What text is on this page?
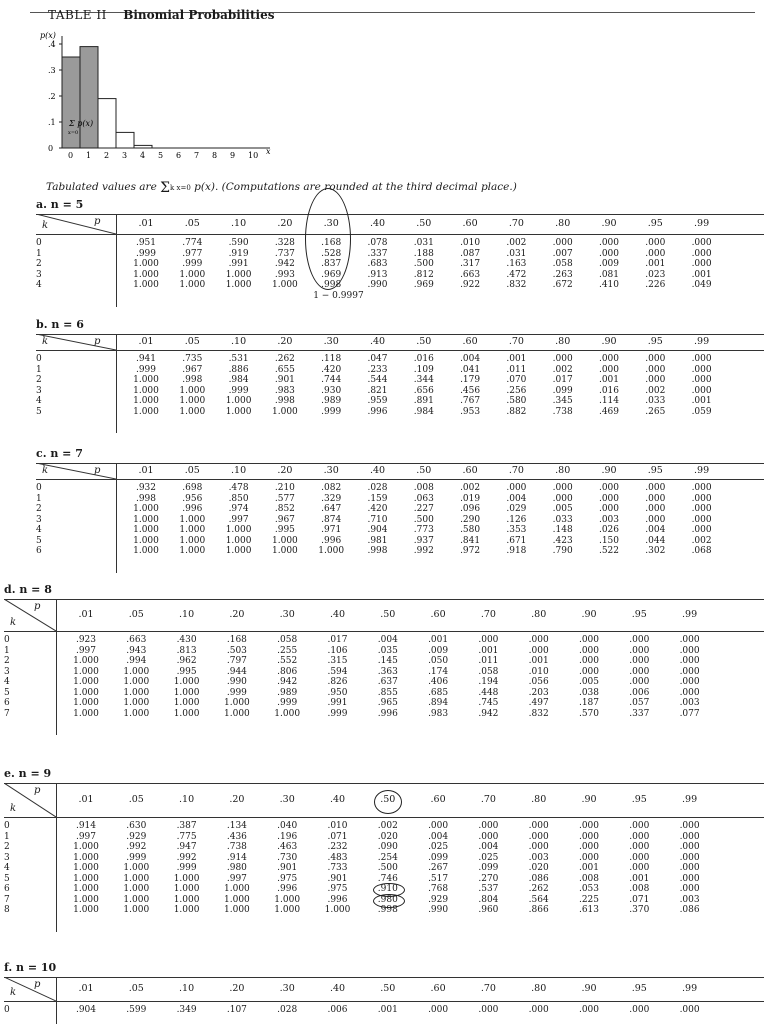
TABLE II Binomial Probabilities
p(x)
.4
.3
.2
.1
0
0 1 2 3 4 5 6 7 8 9 10 x
Σ p(x)
x=0
Tabulated values are Σk x=0 p(x). (Computations are rounded at the third decimal place.)
a. n = 5
p
k	.01	.05	.10	.20	.30	.40	.50	.60	.70	.80	.90	.95	.99
0	.951	.774	.590	.328	.168	.078	.031	.010	.002	.000	.000	.000	.000
1	.999	.977	.919	.737	.528	.337	.188	.087	.031	.007	.000	.000	.000
2	1.000	.999	.991	.942	.837	.683	.500	.317	.163	.058	.009	.001	.000
3	1.000	1.000	1.000	.993	.969	.913	.812	.663	.472	.263	.081	.023	.001
4	1.000	1.000	1.000	1.000	.998	.990	.969	.922	.832	.672	.410	.226	.049
1 − 0.9997
b. n = 6
p
k	.01	.05	.10	.20	.30	.40	.50	.60	.70	.80	.90	.95	.99
0	.941	.735	.531	.262	.118	.047	.016	.004	.001	.000	.000	.000	.000
1	.999	.967	.886	.655	.420	.233	.109	.041	.011	.002	.000	.000	.000
2	1.000	.998	.984	.901	.744	.544	.344	.179	.070	.017	.001	.000	.000
3	1.000	1.000	.999	.983	.930	.821	.656	.456	.256	.099	.016	.002	.000
4	1.000	1.000	1.000	.998	.989	.959	.891	.767	.580	.345	.114	.033	.001
5	1.000	1.000	1.000	1.000	.999	.996	.984	.953	.882	.738	.469	.265	.059
c. n = 7
p
k	.01	.05	.10	.20	.30	.40	.50	.60	.70	.80	.90	.95	.99
0	.932	.698	.478	.210	.082	.028	.008	.002	.000	.000	.000	.000	.000
1	.998	.956	.850	.577	.329	.159	.063	.019	.004	.000	.000	.000	.000
2	1.000	.996	.974	.852	.647	.420	.227	.096	.029	.005	.000	.000	.000
3	1.000	1.000	.997	.967	.874	.710	.500	.290	.126	.033	.003	.000	.000
4	1.000	1.000	1.000	.995	.971	.904	.773	.580	.353	.148	.026	.004	.000
5	1.000	1.000	1.000	1.000	.996	.981	.937	.841	.671	.423	.150	.044	.002
6	1.000	1.000	1.000	1.000	1.000	.998	.992	.972	.918	.790	.522	.302	.068
d. n = 8
p
k
.01	.05	.10	.20	.30	.40	.50	.60	.70	.80	.90	.95	.99
0	.923	.663	.430	.168	.058	.017	.004	.001	.000	.000	.000	.000	.000
1	.997	.943	.813	.503	.255	.106	.035	.009	.001	.000	.000	.000	.000
2	1.000	.994	.962	.797	.552	.315	.145	.050	.011	.001	.000	.000	.000
3	1.000	1.000	.995	.944	.806	.594	.363	.174	.058	.010	.000	.000	.000
4	1.000	1.000	1.000	.990	.942	.826	.637	.406	.194	.056	.005	.000	.000
5	1.000	1.000	1.000	.999	.989	.950	.855	.685	.448	.203	.038	.006	.000
6	1.000	1.000	1.000	1.000	.999	.991	.965	.894	.745	.497	.187	.057	.003
7	1.000	1.000	1.000	1.000	1.000	.999	.996	.983	.942	.832	.570	.337	.077
e. n = 9
p
k
.01	.05	.10	.20	.30	.40	.50	.60	.70	.80	.90	.95	.99
0	.914	.630	.387	.134	.040	.010	.002	.000	.000	.000	.000	.000	.000
1	.997	.929	.775	.436	.196	.071	.020	.004	.000	.000	.000	.000	.000
2	1.000	.992	.947	.738	.463	.232	.090	.025	.004	.000	.000	.000	.000
3	1.000	.999	.992	.914	.730	.483	.254	.099	.025	.003	.000	.000	.000
4	1.000	1.000	.999	.980	.901	.733	.500	.267	.099	.020	.001	.000	.000
5	1.000	1.000	1.000	.997	.975	.901	.746	.517	.270	.086	.008	.001	.000
6	1.000	1.000	1.000	1.000	.996	.975	.910	.768	.537	.262	.053	.008	.000
7	1.000	1.000	1.000	1.000	1.000	.996	.980	.929	.804	.564	.225	.071	.003
8	1.000	1.000	1.000	1.000	1.000	1.000	.998	.990	.960	.866	.613	.370	.086
f. n = 10
p
k	.01	.05	.10	.20	.30	.40	.50	.60	.70	.80	.90	.95	.99
0	.904	.599	.349	.107	.028	.006	.001	.000	.000	.000	.000	.000	.000
